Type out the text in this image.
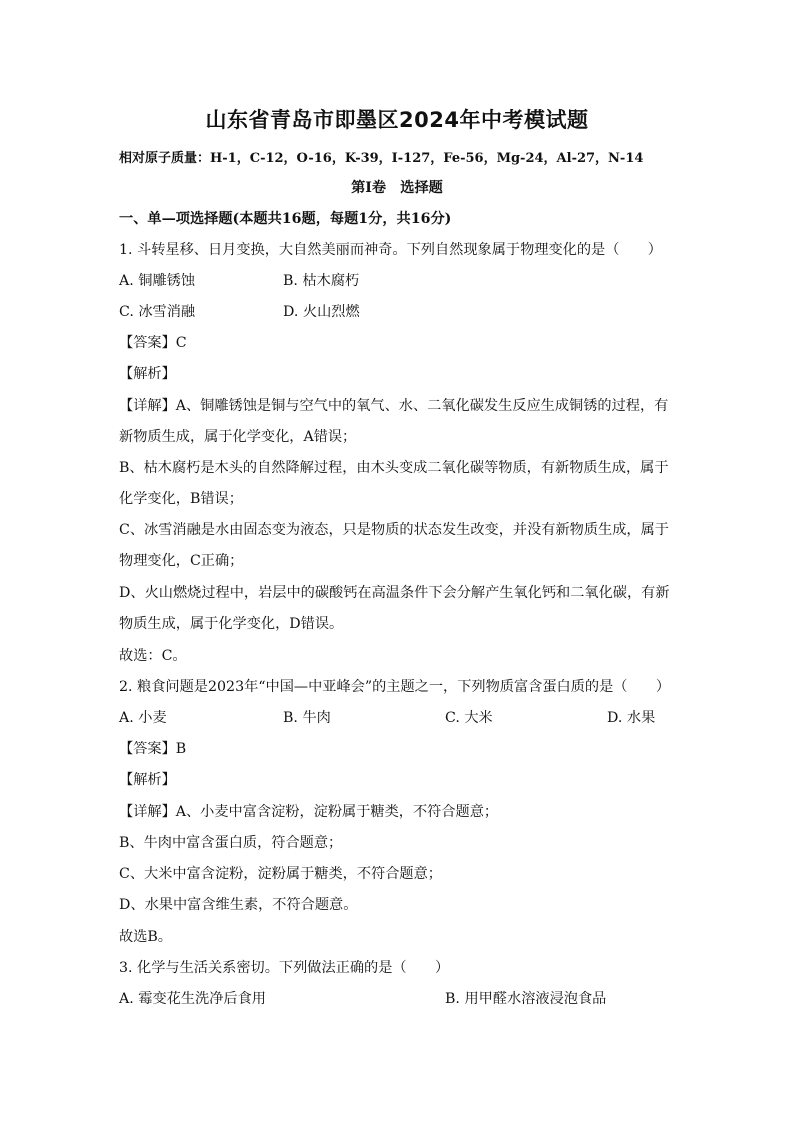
山东省青岛市即墨区2024年中考模试题
相对原子质量：H-1，C-12，O-16，K-39，I-127，Fe-56，Mg-24，Al-27，N-14
第Ⅰ卷　选择题
一、单—项选择题(本题共16题，每题1分，共16分)
1. 斗转星移、日月变换，大自然美丽而神奇。下列自然现象属于物理变化的是（　　）
A. 铜雕锈蚀	B. 枯木腐朽
C. 冰雪消融	D. 火山烈燃
【答案】C
【解析】
【详解】A、铜雕锈蚀是铜与空气中的氧气、水、二氧化碳发生反应生成铜锈的过程，有
新物质生成，属于化学变化，A错误；
B、枯木腐朽是木头的自然降解过程，由木头变成二氧化碳等物质，有新物质生成，属于
化学变化，B错误；
C、冰雪消融是水由固态变为液态，只是物质的状态发生改变，并没有新物质生成，属于
物理变化，C正确；
D、火山燃烧过程中，岩层中的碳酸钙在高温条件下会分解产生氧化钙和二氧化碳，有新
物质生成，属于化学变化，D错误。
故选：C。
2. 粮食问题是2023年“中国—中亚峰会”的主题之一，下列物质富含蛋白质的是（　　）
A. 小麦	B. 牛肉	C. 大米	D. 水果
【答案】B
【解析】
【详解】A、小麦中富含淀粉，淀粉属于糖类，不符合题意；
B、牛肉中富含蛋白质，符合题意；
C、大米中富含淀粉，淀粉属于糖类，不符合题意；
D、水果中富含维生素，不符合题意。
故选B。
3. 化学与生活关系密切。下列做法正确的是（　　）
A. 霉变花生洗净后食用	B. 用甲醛水溶液浸泡食品
